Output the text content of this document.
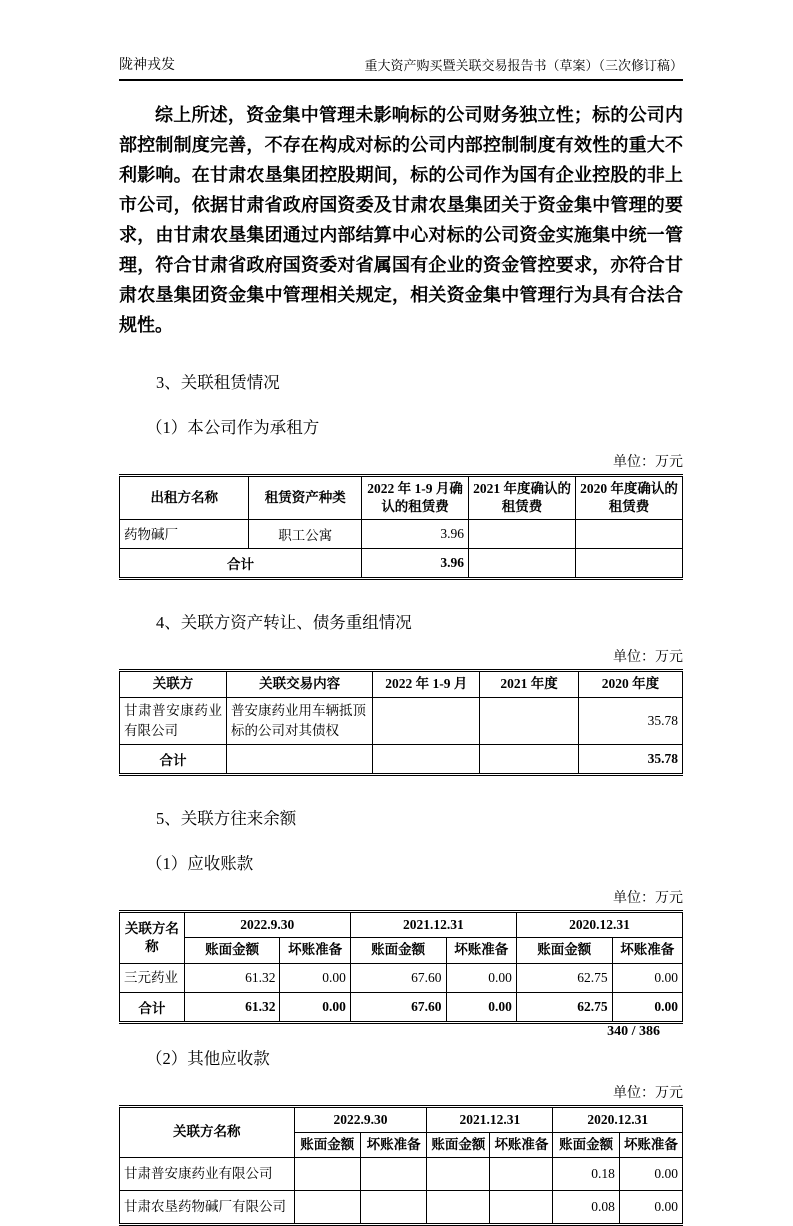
陇神戎发	重大资产购买暨关联交易报告书（草案）（三次修订稿）
综上所述，资金集中管理未影响标的公司财务独立性；标的公司内部控制制度完善，不存在构成对标的公司内部控制制度有效性的重大不利影响。在甘肃农垦集团控股期间，标的公司作为国有企业控股的非上市公司，依据甘肃省政府国资委及甘肃农垦集团关于资金集中管理的要求，由甘肃农垦集团通过内部结算中心对标的公司资金实施集中统一管理，符合甘肃省政府国资委对省属国有企业的资金管控要求，亦符合甘肃农垦集团资金集中管理相关规定，相关资金集中管理行为具有合法合规性。
3、关联租赁情况
（1）本公司作为承租方
单位：万元
出租方名称	租赁资产种类	2022 年 1-9 月确认的租赁费	2021 年度确认的租赁费	2020 年度确认的租赁费
药物碱厂	职工公寓	3.96		
合计		3.96		
4、关联方资产转让、债务重组情况
单位：万元
关联方	关联交易内容	2022 年 1-9 月	2021 年度	2020 年度
甘肃普安康药业有限公司	普安康药业用车辆抵顶标的公司对其债权			35.78
合计				35.78
5、关联方往来余额
（1）应收账款
单位：万元
关联方名称	2022.9.30		2021.12.31		2020.12.31	
	账面金额	坏账准备	账面金额	坏账准备	账面金额	坏账准备
三元药业	61.32	0.00	67.60	0.00	62.75	0.00
合计	61.32	0.00	67.60	0.00	62.75	0.00
（2）其他应收款
单位：万元
关联方名称	2022.9.30		2021.12.31		2020.12.31	
	账面金额	坏账准备	账面金额	坏账准备	账面金额	坏账准备
甘肃普安康药业有限公司					0.18	0.00
甘肃农垦药物碱厂有限公司					0.08	0.00
340 / 386
